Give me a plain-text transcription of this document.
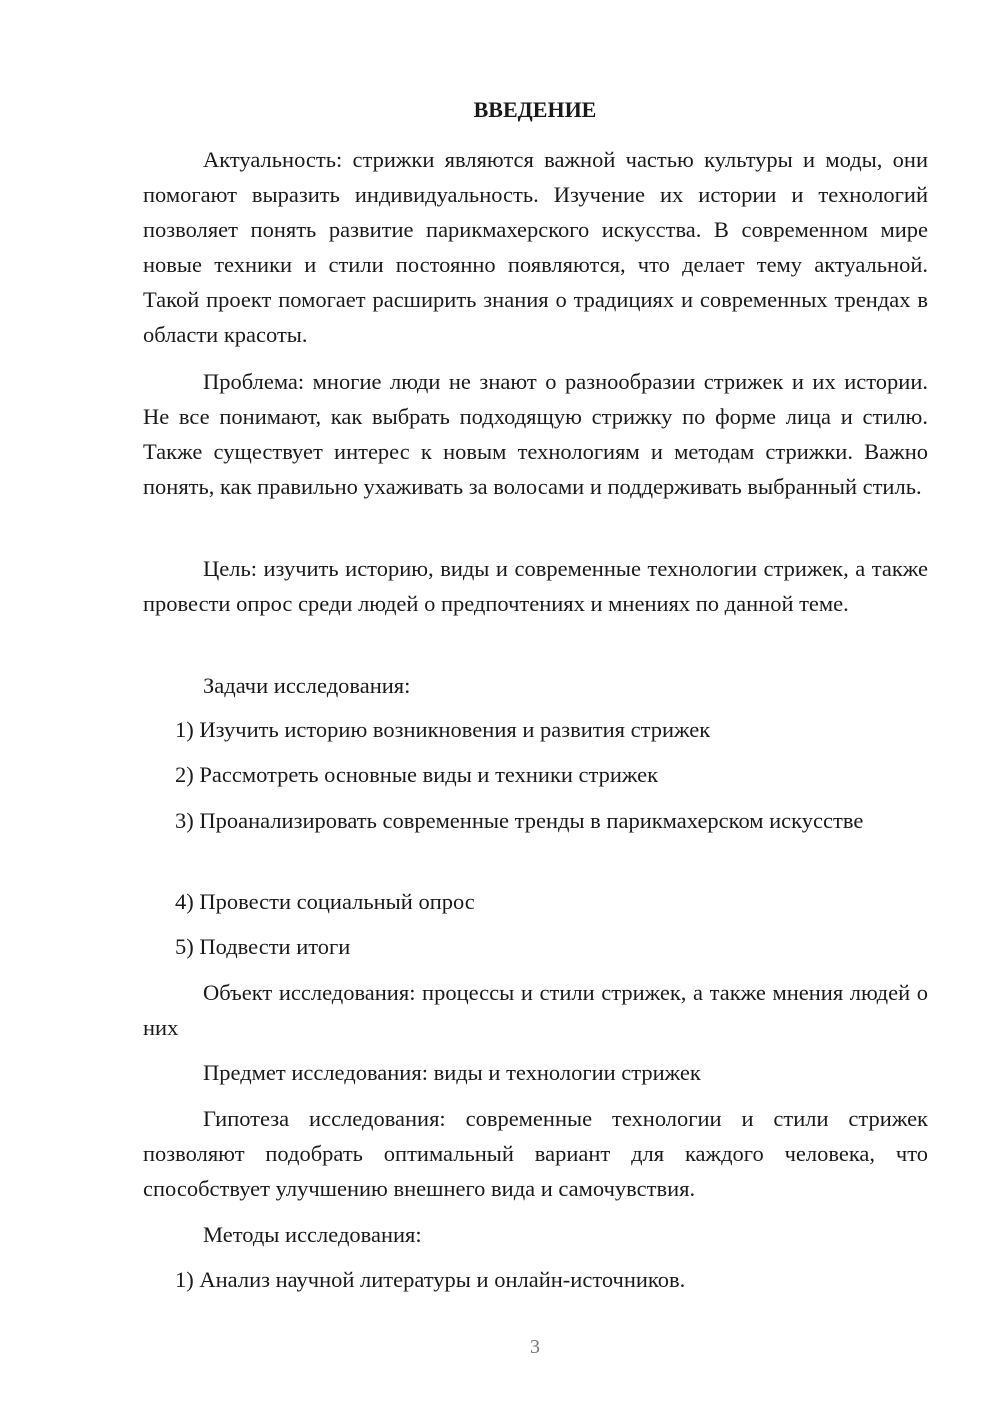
ВВЕДЕНИЕ

Актуальность: стрижки являются важной частью культуры и моды, они помогают выразить индивидуальность. Изучение их истории и технологий позволяет понять развитие парикмахерского искусства. В современном мире новые техники и стили постоянно появляются, что делает тему актуальной. Такой проект помогает расширить знания о традициях и современных трендах в области красоты.

Проблема: многие люди не знают о разнообразии стрижек и их истории. Не все понимают, как выбрать подходящую стрижку по форме лица и стилю. Также существует интерес к новым технологиям и методам стрижки. Важно понять, как правильно ухаживать за волосами и поддерживать выбранный стиль.

Цель: изучить историю, виды и современные технологии стрижек, а также провести опрос среди людей о предпочтениях и мнениях по данной теме.

Задачи исследования:

1) Изучить историю возникновения и развития стрижек

2) Рассмотреть основные виды и техники стрижек

3) Проанализировать современные тренды в парикмахерском искусстве

4) Провести социальный опрос

5) Подвести итоги

Объект исследования: процессы и стили стрижек, а также мнения людей о них

Предмет исследования: виды и технологии стрижек

Гипотеза исследования: современные технологии и стили стрижек позволяют подобрать оптимальный вариант для каждого человека, что способствует улучшению внешнего вида и самочувствия.

Методы исследования:

1) Анализ научной литературы и онлайн-источников.

3
